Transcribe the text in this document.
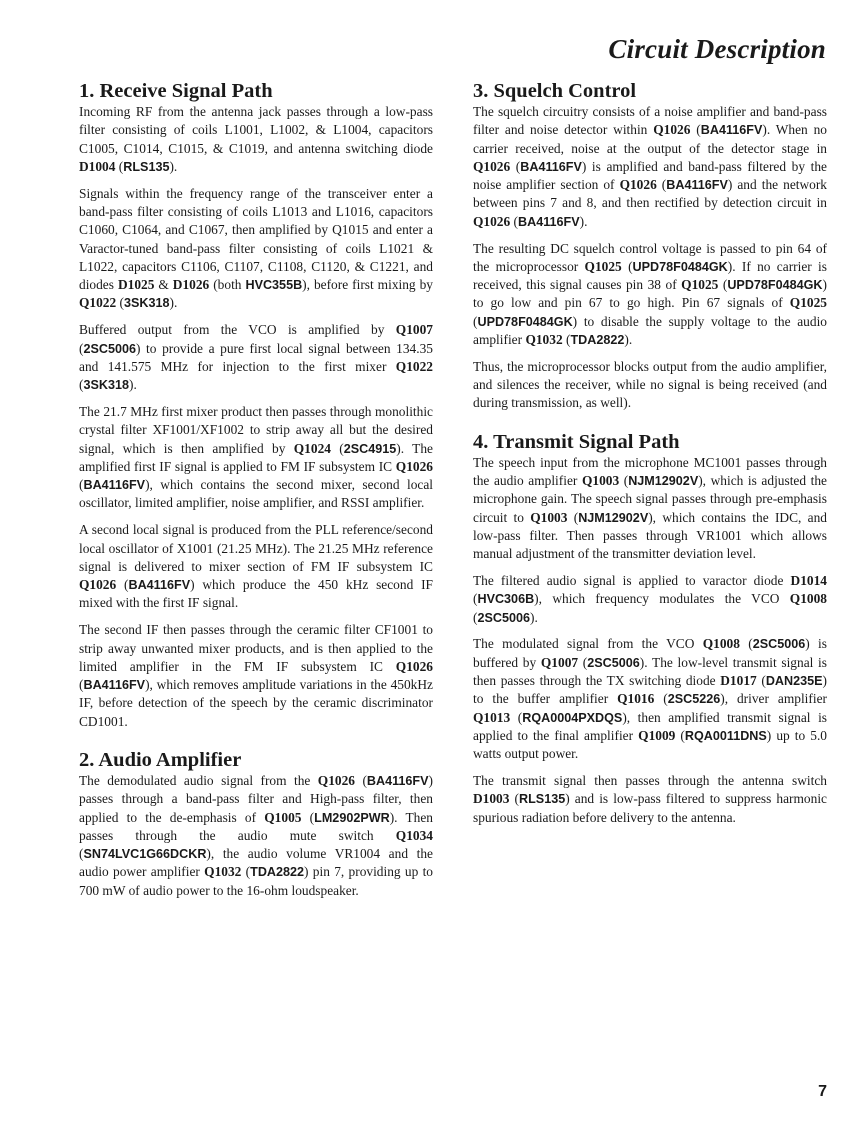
Circuit Description
1. Receive Signal Path

Incoming RF from the antenna jack passes through a low-pass filter consisting of coils L1001, L1002, & L1004, capacitors C1005, C1014, C1015, & C1019, and antenna switching diode D1004 (RLS135).

Signals within the frequency range of the transceiver enter a band-pass filter consisting of coils L1013 and L1016, capacitors C1060, C1064, and C1067, then amplified by Q1015 and enter a Varactor-tuned band-pass filter consisting of coils L1021 & L1022, capacitors C1106, C1107, C1108, C1120, & C1221, and diodes D1025 & D1026 (both HVC355B), before first mixing by Q1022 (3SK318).

Buffered output from the VCO is amplified by Q1007 (2SC5006) to provide a pure first local signal between 134.35 and 141.575 MHz for injection to the first mixer Q1022 (3SK318).

The 21.7 MHz first mixer product then passes through monolithic crystal filter XF1001/XF1002 to strip away all but the desired signal, which is then amplified by Q1024 (2SC4915). The amplified first IF signal is applied to FM IF subsystem IC Q1026 (BA4116FV), which contains the second mixer, second local oscillator, limited amplifier, noise amplifier, and RSSI amplifier.

A second local signal is produced from the PLL reference/second local oscillator of X1001 (21.25 MHz). The 21.25 MHz reference signal is delivered to mixer section of FM IF subsystem IC Q1026 (BA4116FV) which produce the 450 kHz second IF mixed with the first IF signal.

The second IF then passes through the ceramic filter CF1001 to strip away unwanted mixer products, and is then applied to the limited amplifier in the FM IF subsystem IC Q1026 (BA4116FV), which removes amplitude variations in the 450kHz IF, before detection of the speech by the ceramic discriminator CD1001.

2. Audio Amplifier

The demodulated audio signal from the Q1026 (BA4116FV) passes through a band-pass filter and High-pass filter, then applied to the de-emphasis of Q1005 (LM2902PWR). Then passes through the audio mute switch Q1034 (SN74LVC1G66DCKR), the audio volume VR1004 and the audio power amplifier Q1032 (TDA2822) pin 7, providing up to 700 mW of audio power to the 16-ohm loudspeaker.

3. Squelch Control

The squelch circuitry consists of a noise amplifier and band-pass filter and noise detector within Q1026 (BA4116FV). When no carrier received, noise at the output of the detector stage in Q1026 (BA4116FV) is amplified and band-pass filtered by the noise amplifier section of Q1026 (BA4116FV) and the network between pins 7 and 8, and then rectified by detection circuit in Q1026 (BA4116FV).

The resulting DC squelch control voltage is passed to pin 64 of the microprocessor Q1025 (UPD78F0484GK). If no carrier is received, this signal causes pin 38 of Q1025 (UPD78F0484GK) to go low and pin 67 to go high. Pin 67 signals of Q1025 (UPD78F0484GK) to disable the supply voltage to the audio amplifier Q1032 (TDA2822).

Thus, the microprocessor blocks output from the audio amplifier, and silences the receiver, while no signal is being received (and during transmission, as well).

4. Transmit Signal Path

The speech input from the microphone MC1001 passes through the audio amplifier Q1003 (NJM12902V), which is adjusted the microphone gain. The speech signal passes through pre-emphasis circuit to Q1003 (NJM12902V), which contains the IDC, and low-pass filter. Then passes through VR1001 which allows manual adjustment of the transmitter deviation level.

The filtered audio signal is applied to varactor diode D1014 (HVC306B), which frequency modulates the VCO Q1008 (2SC5006).

The modulated signal from the VCO Q1008 (2SC5006) is buffered by Q1007 (2SC5006). The low-level transmit signal is then passes through the TX switching diode D1017 (DAN235E) to the buffer amplifier Q1016 (2SC5226), driver amplifier Q1013 (RQA0004PXDQS), then amplified transmit signal is applied to the final amplifier Q1009 (RQA0011DNS) up to 5.0 watts output power.

The transmit signal then passes through the antenna switch D1003 (RLS135) and is low-pass filtered to suppress harmonic spurious radiation before delivery to the antenna.

7
